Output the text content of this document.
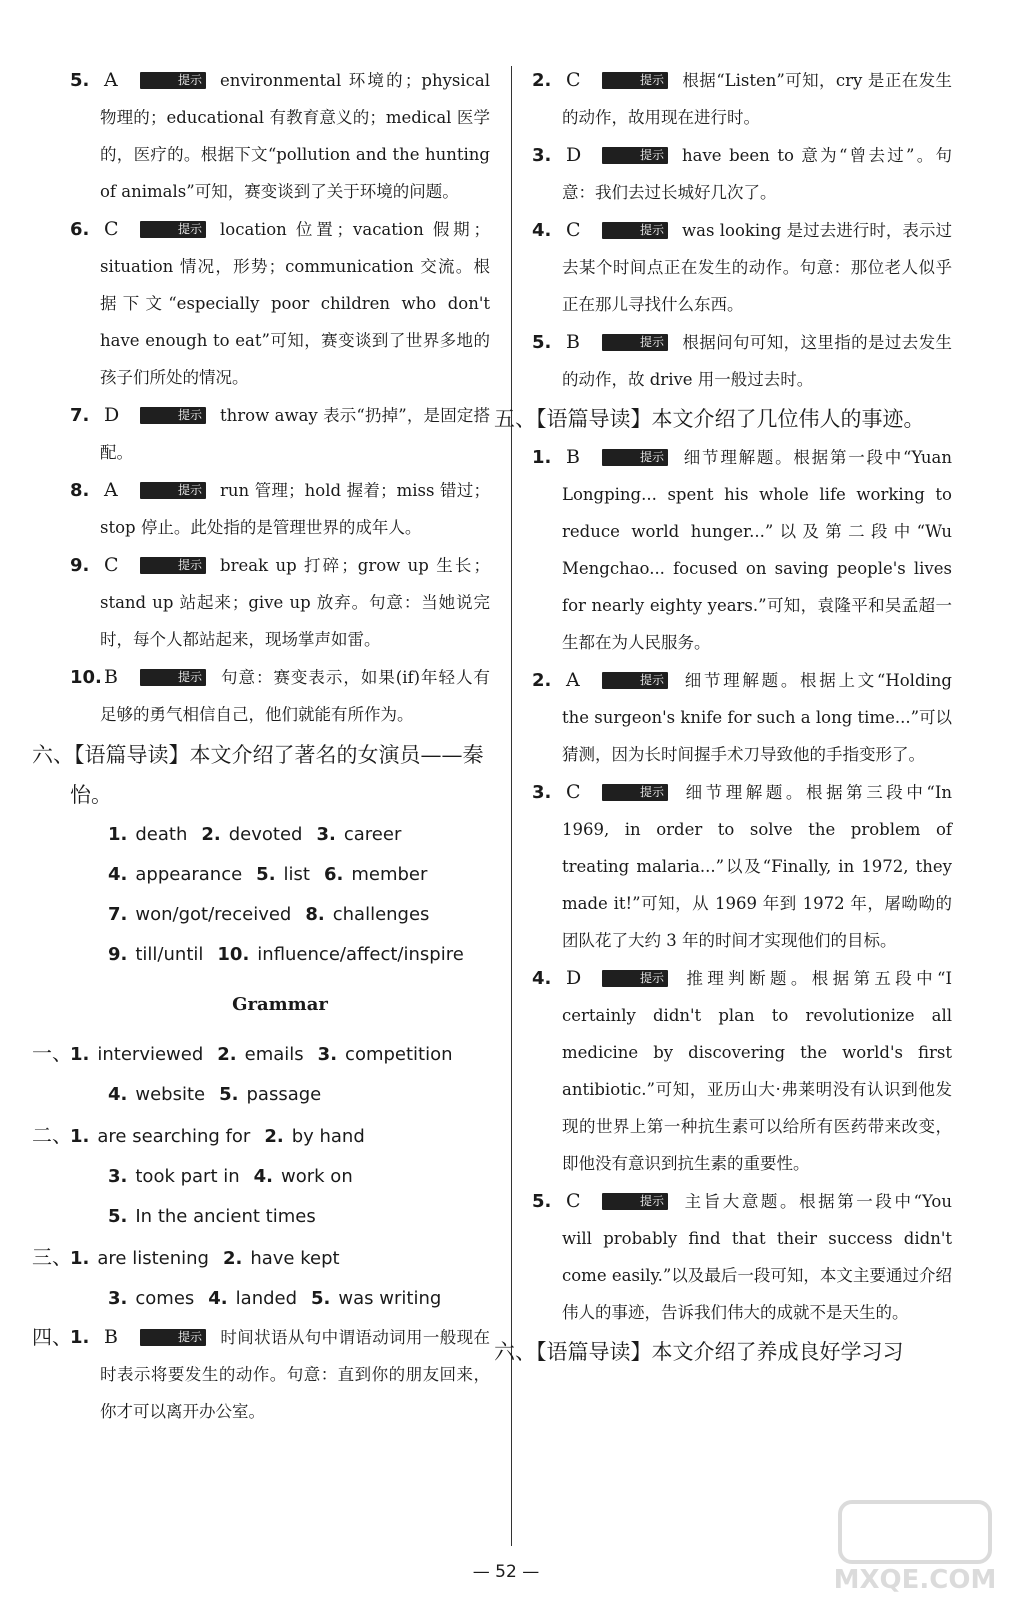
5. A	提示 environmental 环境的；physical 物理的；educational 有教育意义的；medical 医学的，医疗的。根据下文“pollution and the hunting of animals”可知，赛变谈到了关于环境的问题。
6. C	提示 location 位置；vacation 假期；situation 情况，形势；communication 交流。根据下文“especially poor children who don't have enough to eat”可知，赛变谈到了世界多地的孩子们所处的情况。
7. D	提示 throw away 表示“扔掉”，是固定搭配。
8. A	提示 run 管理；hold 握着；miss 错过；stop 停止。此处指的是管理世界的成年人。
9. C	提示 break up 打碎；grow up 生长；stand up 站起来；give up 放弃。句意：当她说完时，每个人都站起来，现场掌声如雷。
10. B	提示 句意：赛变表示，如果(if)年轻人有足够的勇气相信自己，他们就能有所作为。
六、【语篇导读】本文介绍了著名的女演员——秦怡。
1. death 2. devoted 3. career
4. appearance 5. list 6. member
7. won/got/received 8. challenges
9. till/until 10. influence/affect/inspire
Grammar
一、1. interviewed 2. emails 3. competition
4. website 5. passage
二、1. are searching for 2. by hand
3. took part in 4. work on
5. In the ancient times
三、1. are listening 2. have kept
3. comes 4. landed 5. was writing
四、
1. B	提示 时间状语从句中谓语动词用一般现在时表示将要发生的动作。句意：直到你的朋友回来，你才可以离开办公室。
2. C	提示 根据“Listen”可知，cry 是正在发生的动作，故用现在进行时。
3. D	提示 have been to 意为“曾去过”。句意：我们去过长城好几次了。
4. C	提示 was looking 是过去进行时，表示过去某个时间点正在发生的动作。句意：那位老人似乎正在那儿寻找什么东西。
5. B	提示 根据问句可知，这里指的是过去发生的动作，故 drive 用一般过去时。
五、【语篇导读】本文介绍了几位伟人的事迹。
1. B	提示 细节理解题。根据第一段中“Yuan Longping... spent his whole life working to reduce world hunger...”以及第二段中“Wu Mengchao... focused on saving people's lives for nearly eighty years.”可知，袁隆平和吴孟超一生都在为人民服务。
2. A	提示 细节理解题。根据上文“Holding the surgeon's knife for such a long time...”可以猜测，因为长时间握手术刀导致他的手指变形了。
3. C	提示 细节理解题。根据第三段中“In 1969, in order to solve the problem of treating malaria...”以及“Finally, in 1972, they made it!”可知，从 1969 年到 1972 年，屠呦呦的团队花了大约 3 年的时间才实现他们的目标。
4. D	提示 推理判断题。根据第五段中“I certainly didn't plan to revolutionize all medicine by discovering the world's first antibiotic.”可知，亚历山大·弗莱明没有认识到他发现的世界上第一种抗生素可以给所有医药带来改变，即他没有意识到抗生素的重要性。
5. C	提示 主旨大意题。根据第一段中“You will probably find that their success didn't come easily.”以及最后一段可知，本文主要通过介绍伟人的事迹，告诉我们伟大的成就不是天生的。
六、【语篇导读】本文介绍了养成良好学习习
— 52 —	MXQE.COM
